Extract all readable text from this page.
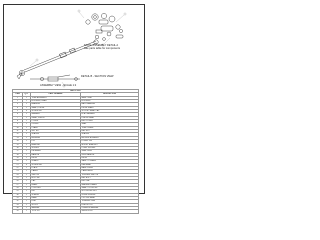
NOTE: ASSEMBLY DETAIL A
See parts table for components
DETAIL B - SECTION VIEW
ASSEMBLY VIEW - SCALE 1:2
PARTS LIST			
ITEM	QTY	PART NUMBER	DESCRIPTION
1	1	TUBE ASSEMBLY	MAIN TUBE
2	1	HOUSING, REAR	HOUSING
3	2	BEARING	BALL BEARING
4	1	SHAFT, DRIVE	DRIVE SHAFT
5	4	SCREW M5	SOCKET HEAD CAP
6	2	WASHER	FLAT WASHER
7	1	GEAR, PINION	PINION GEAR
8	1	COVER	END COVER
9	2	O-RING	SEAL
10	1	CLAMP	TUBE CLAMP
11	4	NUT M5	HEX NUT
12	1	SPACER	SPACER
13	1	BUSHING	BRONZE BUSHING
14	2	PIN	DOWEL PIN
15	1	BRACKET	MOUNT BRACKET
16	1	SPRING	COMP. SPRING
17	2	RETAINER	SNAP RING
18	1	HANDLE	GRIP HANDLE
19	1	KNOB	KNOB
20	1	GUARD	SAFETY GUARD
21	4	SCREW M4	PAN HEAD
22	1	PLATE	BASE PLATE
23	1	CABLE	CABLE ASSY
24	1	SWITCH	TRIGGER SWITCH
25	2	BOLT M6	HEX BOLT
26	1	CAP	END CAP
27	1	LABEL	WARNING LABEL
28	1	COUPLER	SHAFT COUPLER
29	2	KEY	WOODRUFF KEY
30	1	SLEEVE	GUIDE SLEEVE
31	1	HEAD	CUTTER HEAD
32	1	LINE	TRIMMER LINE
33	1	SPOOL	LINE SPOOL
34	1	MANUAL	OWNERS MANUAL
35	1	TOOL KIT	SERVICE KIT
